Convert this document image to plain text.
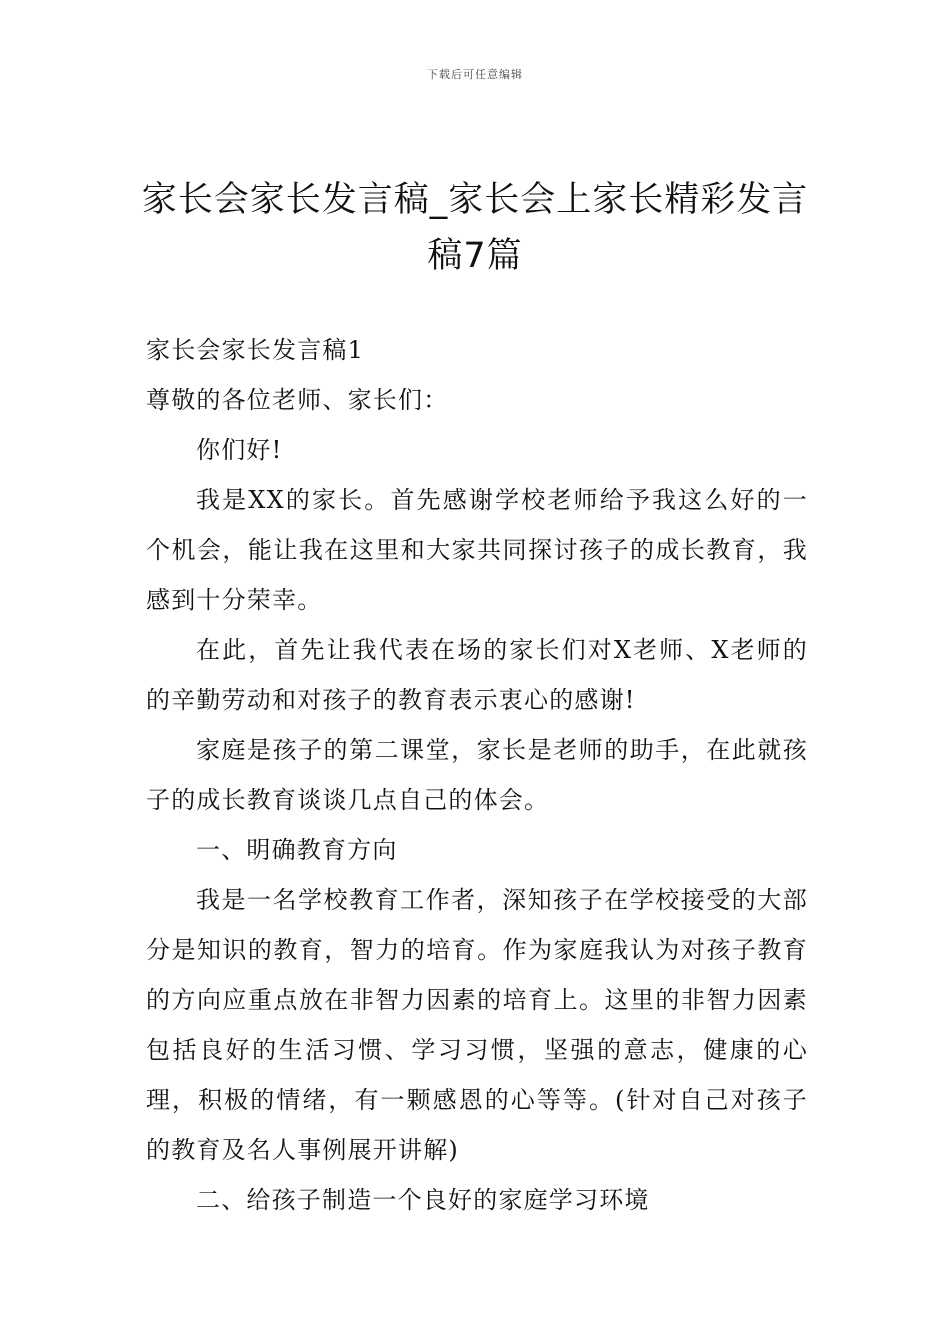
下载后可任意编辑
家长会家长发言稿_家长会上家长精彩发言稿7篇

家长会家长发言稿1

尊敬的各位老师、家长们：

你们好!

我是XX的家长。首先感谢学校老师给予我这么好的一个机会，能让我在这里和大家共同探讨孩子的成长教育，我感到十分荣幸。

在此，首先让我代表在场的家长们对X老师、X老师的的辛勤劳动和对孩子的教育表示衷心的感谢!

家庭是孩子的第二课堂，家长是老师的助手，在此就孩子的成长教育谈谈几点自己的体会。

一、明确教育方向

我是一名学校教育工作者，深知孩子在学校接受的大部分是知识的教育，智力的培育。作为家庭我认为对孩子教育的方向应重点放在非智力因素的培育上。这里的非智力因素包括良好的生活习惯、学习习惯，坚强的意志，健康的心理，积极的情绪，有一颗感恩的心等等。(针对自己对孩子的教育及名人事例展开讲解)

二、给孩子制造一个良好的家庭学习环境
